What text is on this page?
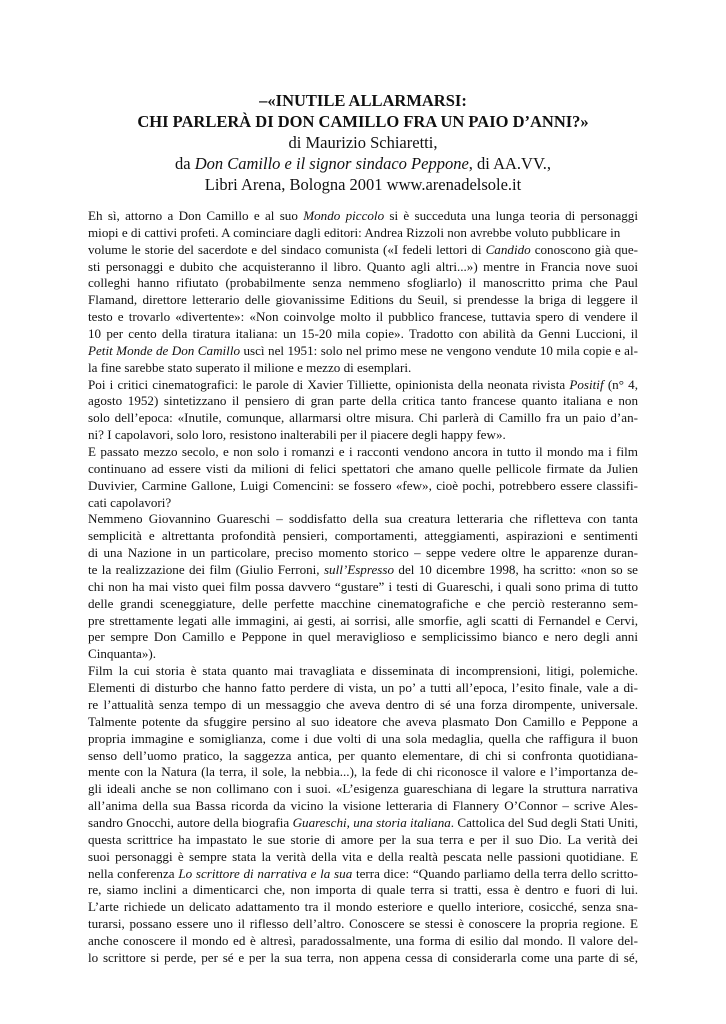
–«INUTILE ALLARMARSI:
CHI PARLERÀ DI DON CAMILLO FRA UN PAIO D’ANNI?»
di Maurizio Schiaretti,
da Don Camillo e il signor sindaco Peppone, di AA.VV.,
Libri Arena, Bologna 2001 www.arenadelsole.it
Eh sì, attorno a Don Camillo e al suo Mondo piccolo si è succeduta una lunga teoria di personaggi
miopi e di cattivi profeti. A cominciare dagli editori: Andrea Rizzoli non avrebbe voluto pubblicare in
volume le storie del sacerdote e del sindaco comunista («I fedeli lettori di Candido conoscono già que-
sti personaggi e dubito che acquisteranno il libro. Quanto agli altri...») mentre in Francia nove suoi
colleghi hanno rifiutato (probabilmente senza nemmeno sfogliarlo) il manoscritto prima che Paul
Flamand, direttore letterario delle giovanissime Editions du Seuil, si prendesse la briga di leggere il
testo e trovarlo «divertente»: «Non coinvolge molto il pubblico francese, tuttavia spero di vendere il
10 per cento della tiratura italiana: un 15-20 mila copie». Tradotto con abilità da Genni Luccioni, il
Petit Monde de Don Camillo uscì nel 1951: solo nel primo mese ne vengono vendute 10 mila copie e al-
la fine sarebbe stato superato il milione e mezzo di esemplari.
Poi i critici cinematografici: le parole di Xavier Tilliette, opinionista della neonata rivista Positif (n° 4,
agosto 1952) sintetizzano il pensiero di gran parte della critica tanto francese quanto italiana e non
solo dell’epoca: «Inutile, comunque, allarmarsi oltre misura. Chi parlerà di Camillo fra un paio d’an-
ni? I capolavori, solo loro, resistono inalterabili per il piacere degli happy few».
E passato mezzo secolo, e non solo i romanzi e i racconti vendono ancora in tutto il mondo ma i film
continuano ad essere visti da milioni di felici spettatori che amano quelle pellicole firmate da Julien
Duvivier, Carmine Gallone, Luigi Comencini: se fossero «few», cioè pochi, potrebbero essere classifi-
cati capolavori?
Nemmeno Giovannino Guareschi – soddisfatto della sua creatura letteraria che rifletteva con tanta
semplicità e altrettanta profondità pensieri, comportamenti, atteggiamenti, aspirazioni e sentimenti
di una Nazione in un particolare, preciso momento storico – seppe vedere oltre le apparenze duran-
te la realizzazione dei film (Giulio Ferroni, sull’Espresso del 10 dicembre 1998, ha scritto: «non so se
chi non ha mai visto quei film possa davvero “gustare” i testi di Guareschi, i quali sono prima di tutto
delle grandi sceneggiature, delle perfette macchine cinematografiche e che perciò resteranno sem-
pre strettamente legati alle immagini, ai gesti, ai sorrisi, alle smorfie, agli scatti di Fernandel e Cervi,
per sempre Don Camillo e Peppone in quel meraviglioso e semplicissimo bianco e nero degli anni
Cinquanta»).
Film la cui storia è stata quanto mai travagliata e disseminata di incomprensioni, litigi, polemiche.
Elementi di disturbo che hanno fatto perdere di vista, un po’ a tutti all’epoca, l’esito finale, vale a di-
re l’attualità senza tempo di un messaggio che aveva dentro di sé una forza dirompente, universale.
Talmente potente da sfuggire persino al suo ideatore che aveva plasmato Don Camillo e Peppone a
propria immagine e somiglianza, come i due volti di una sola medaglia, quella che raffigura il buon
senso dell’uomo pratico, la saggezza antica, per quanto elementare, di chi si confronta quotidiana-
mente con la Natura (la terra, il sole, la nebbia...), la fede di chi riconosce il valore e l’importanza de-
gli ideali anche se non collimano con i suoi. «L’esigenza guareschiana di legare la struttura narrativa
all’anima della sua Bassa ricorda da vicino la visione letteraria di Flannery O’Connor – scrive Ales-
sandro Gnocchi, autore della biografia Guareschi, una storia italiana. Cattolica del Sud degli Stati Uniti,
questa scrittrice ha impastato le sue storie di amore per la sua terra e per il suo Dio. La verità dei
suoi personaggi è sempre stata la verità della vita e della realtà pescata nelle passioni quotidiane. E
nella conferenza Lo scrittore di narrativa e la sua terra dice: “Quando parliamo della terra dello scritto-
re, siamo inclini a dimenticarci che, non importa di quale terra si tratti, essa è dentro e fuori di lui.
L’arte richiede un delicato adattamento tra il mondo esteriore e quello interiore, cosicché, senza sna-
turarsi, possano essere uno il riflesso dell’altro. Conoscere se stessi è conoscere la propria regione. E
anche conoscere il mondo ed è altresì, paradossalmente, una forma di esilio dal mondo. Il valore del-
lo scrittore si perde, per sé e per la sua terra, non appena cessa di considerarla come una parte di sé,
